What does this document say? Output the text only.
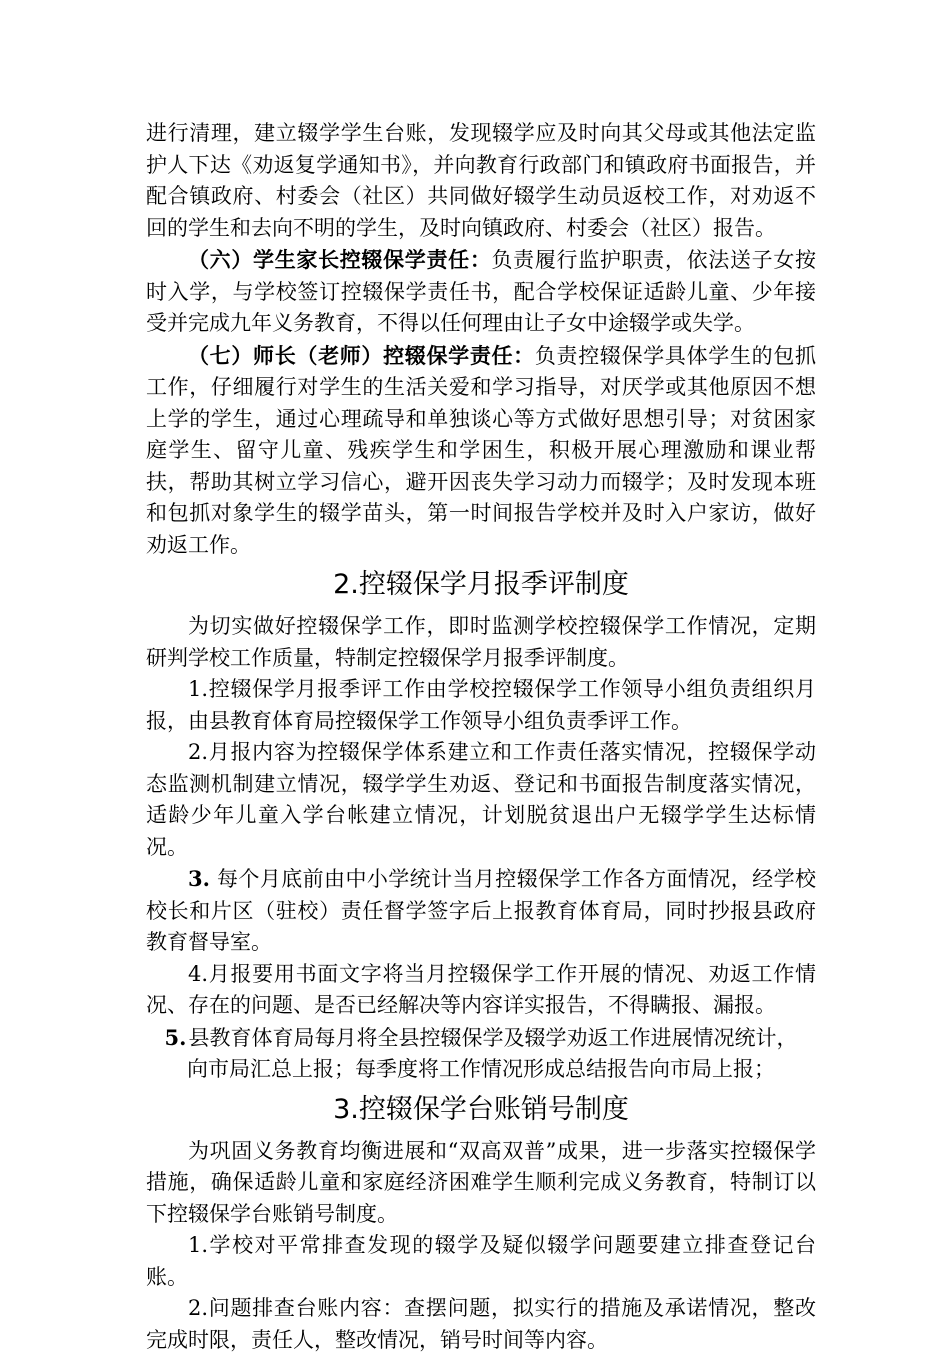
进行清理，建立辍学学生台账，发现辍学应及时向其父母或其他法定监护人下达《劝返复学通知书》，并向教育行政部门和镇政府书面报告，并配合镇政府、村委会（社区）共同做好辍学生动员返校工作，对劝返不回的学生和去向不明的学生，及时向镇政府、村委会（社区）报告。

（六）学生家长控辍保学责任：负责履行监护职责，依法送子女按时入学，与学校签订控辍保学责任书，配合学校保证适龄儿童、少年接受并完成九年义务教育，不得以任何理由让子女中途辍学或失学。

（七）师长（老师）控辍保学责任：负责控辍保学具体学生的包抓工作，仔细履行对学生的生活关爱和学习指导，对厌学或其他原因不想上学的学生，通过心理疏导和单独谈心等方式做好思想引导；对贫困家庭学生、留守儿童、残疾学生和学困生，积极开展心理激励和课业帮扶，帮助其树立学习信心，避开因丧失学习动力而辍学；及时发现本班和包抓对象学生的辍学苗头，第一时间报告学校并及时入户家访，做好劝返工作。

2.控辍保学月报季评制度

为切实做好控辍保学工作，即时监测学校控辍保学工作情况，定期研判学校工作质量，特制定控辍保学月报季评制度。

1.控辍保学月报季评工作由学校控辍保学工作领导小组负责组织月报，由县教育体育局控辍保学工作领导小组负责季评工作。

2.月报内容为控辍保学体系建立和工作责任落实情况，控辍保学动态监测机制建立情况，辍学学生劝返、登记和书面报告制度落实情况，适龄少年儿童入学台帐建立情况，计划脱贫退出户无辍学学生达标情况。

3. 每个月底前由中小学统计当月控辍保学工作各方面情况，经学校校长和片区（驻校）责任督学签字后上报教育体育局，同时抄报县政府教育督导室。

4.月报要用书面文字将当月控辍保学工作开展的情况、劝返工作情况、存在的问题、是否已经解决等内容详实报告，不得瞒报、漏报。

5.县教育体育局每月将全县控辍保学及辍学劝返工作进展情况统计，
向市局汇总上报；每季度将工作情况形成总结报告向市局上报；

3.控辍保学台账销号制度

为巩固义务教育均衡进展和“双高双普”成果，进一步落实控辍保学措施，确保适龄儿童和家庭经济困难学生顺利完成义务教育，特制订以下控辍保学台账销号制度。

1.学校对平常排查发现的辍学及疑似辍学问题要建立排查登记台账。

2.问题排查台账内容：查摆问题，拟实行的措施及承诺情况，整改完成时限，责任人，整改情况，销号时间等内容。
